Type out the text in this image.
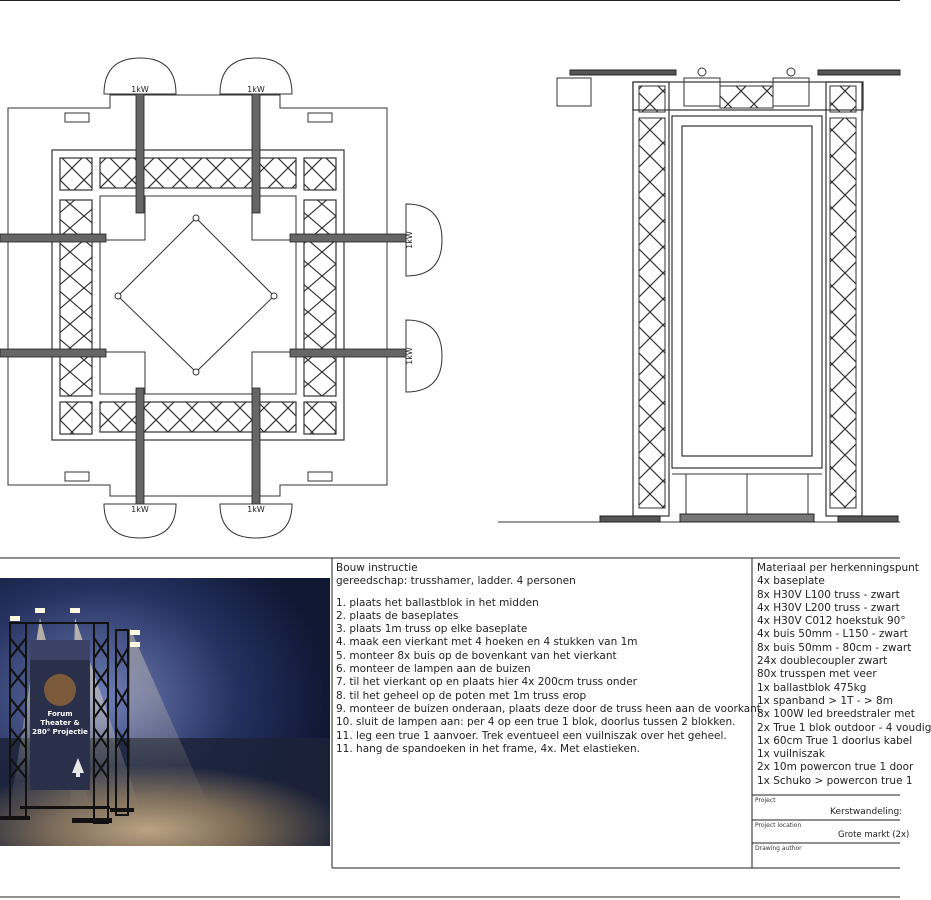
1kW	1kW
1kW	1kW
1kW
1kW
Forum
Theater &
280° Projectie
Bouw instructie
gereedschap: trusshamer, ladder. 4 personen
1. plaats het ballastblok in het midden
2. plaats de baseplates
3. plaats 1m truss op elke baseplate
4. maak een vierkant met 4 hoeken en 4 stukken van 1m
5. monteer 8x buis op de bovenkant van het vierkant
6. monteer de lampen aan de buizen
7. til het vierkant op en plaats hier 4x 200cm truss onder
8. til het geheel op de poten met 1m truss erop
9. monteer de buizen onderaan, plaats deze door de truss heen aan de voorkant
10. sluit de lampen aan: per 4 op een true 1 blok, doorlus tussen 2 blokken.
11. leg een true 1 aanvoer. Trek eventueel een vuilniszak over het geheel.
11. hang de spandoeken in het frame, 4x. Met elastieken.
Materiaal per herkenningspunt
4x baseplate
8x H30V L100 truss - zwart
4x H30V L200 truss - zwart
4x H30V C012 hoekstuk 90°
4x buis 50mm - L150 - zwart
8x buis 50mm - 80cm - zwart
24x doublecoupler zwart
80x trusspen met veer
1x ballastblok 475kg
1x spanband > 1T - > 8m
8x 100W led breedstraler met
2x True 1 blok outdoor - 4 voudig
1x 60cm True 1 doorlus kabel
1x vuilniszak
2x 10m powercon true 1 door
1x Schuko > powercon true 1
Project
Kerstwandeling:
Project location
Grote markt (2x)
Drawing author
